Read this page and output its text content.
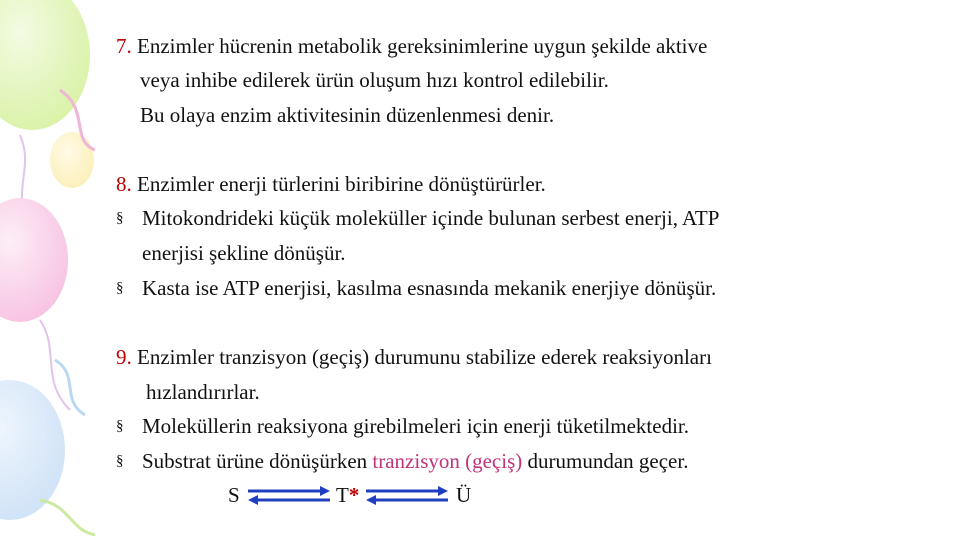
7. Enzimler hücrenin metabolik gereksinimlerine uygun şekilde aktive
veya inhibe edilerek ürün oluşum hızı kontrol edilebilir.
Bu olaya enzim aktivitesinin düzenlenmesi denir.
8. Enzimler enerji türlerini biribirine dönüştürürler.
§ Mitokondrideki küçük moleküller içinde bulunan serbest enerji, ATP
enerjisi şekline dönüşür.
§ Kasta ise ATP enerjisi, kasılma esnasında mekanik enerjiye dönüşür.
9. Enzimler tranzisyon (geçiş) durumunu stabilize ederek reaksiyonları
hızlandırırlar.
§ Moleküllerin reaksiyona girebilmeleri için enerji tüketilmektedir.
§ Substrat ürüne dönüşürken tranzisyon (geçiş) durumundan geçer.
S	T*	Ü
